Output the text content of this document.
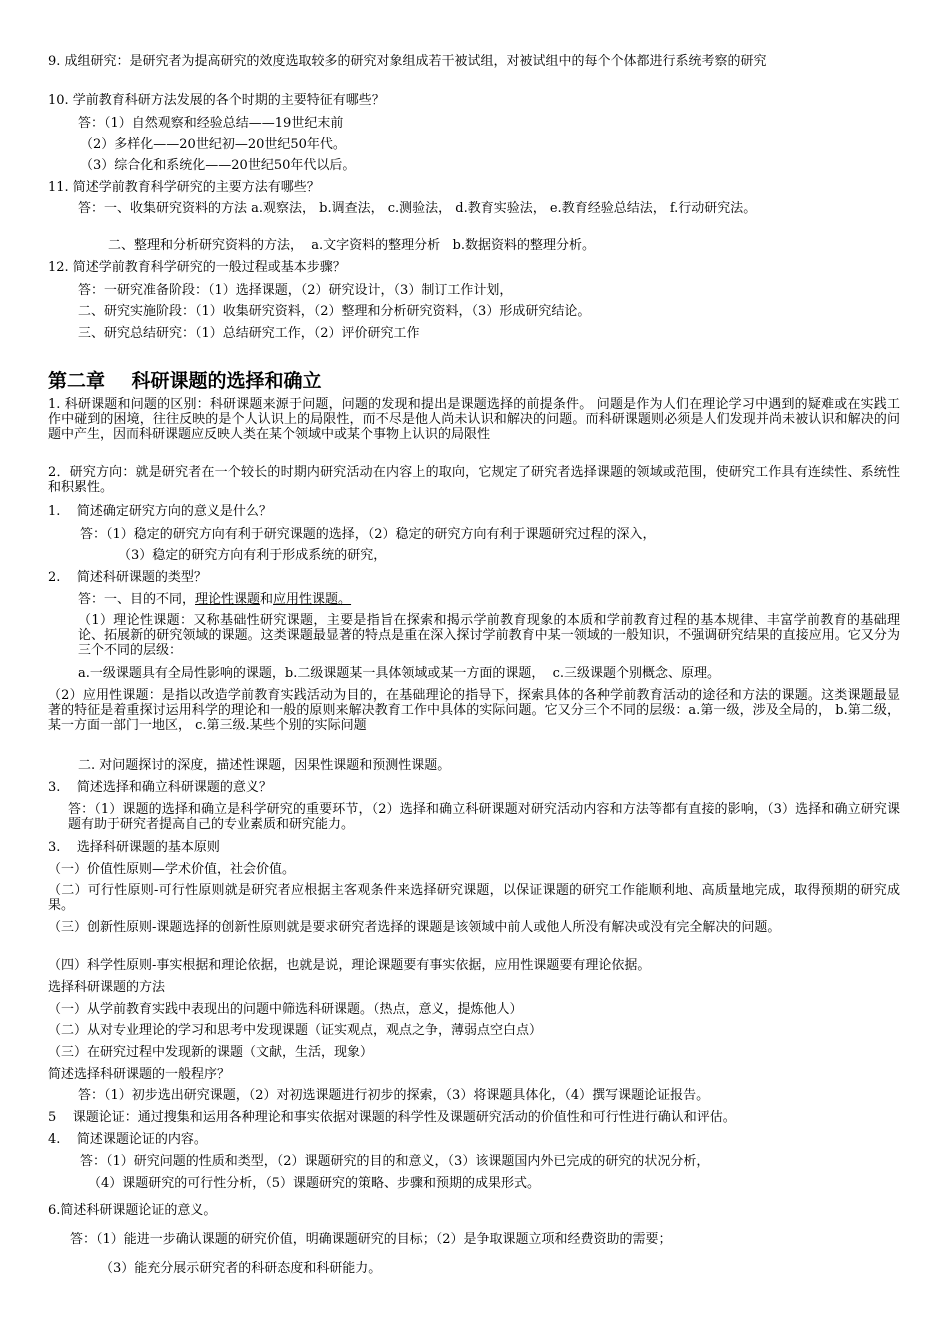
9. 成组研究：是研究者为提高研究的效度选取较多的研究对象组成若干被试组，对被试组中的每个个体都进行系统考察的研究
10. 学前教育科研方法发展的各个时期的主要特征有哪些？
答：（1）自然观察和经验总结——19世纪末前
（2）多样化——20世纪初—20世纪50年代。
（3）综合化和系统化——20世纪50年代以后。
11. 简述学前教育科学研究的主要方法有哪些？
答：一、收集研究资料的方法 a.观察法， b.调查法， c.测验法， d.教育实验法， e.教育经验总结法， f.行动研究法。
二、整理和分析研究资料的方法，  a.文字资料的整理分析   b.数据资料的整理分析。
12. 简述学前教育科学研究的一般过程或基本步骤？
答：一研究准备阶段：（1）选择课题，（2）研究设计，（3）制订工作计划，
二、研究实施阶段：（1）收集研究资料，（2）整理和分析研究资料，（3）形成研究结论。
三、研究总结研究：（1）总结研究工作，（2）评价研究工作
第二章    科研课题的选择和确立
1. 科研课题和问题的区别：科研课题来源于问题，问题的发现和提出是课题选择的前提条件。 问题是作为人们在理论学习中遇到的疑难或在实践工作中碰到的困境，往往反映的是个人认识上的局限性，而不尽是他人尚未认识和解决的问题。而科研课题则必须是人们发现并尚未被认识和解决的问题中产生，因而科研课题应反映人类在某个领域中或某个事物上认识的局限性
2．研究方向：就是研究者在一个较长的时期内研究活动在内容上的取向，它规定了研究者选择课题的领域或范围，使研究工作具有连续性、系统性和积累性。
1.    简述确定研究方向的意义是什么？
答：（1）稳定的研究方向有利于研究课题的选择，（2）稳定的研究方向有利于课题研究过程的深入，
（3）稳定的研究方向有利于形成系统的研究，
2.    简述科研课题的类型？
答：一、目的不同，理论性课题和应用性课题。
（1）理论性课题：又称基础性研究课题，主要是指旨在探索和揭示学前教育现象的本质和学前教育过程的基本规律、丰富学前教育的基础理论、拓展新的研究领域的课题。这类课题最显著的特点是重在深入探讨学前教育中某一领域的一般知识，不强调研究结果的直接应用。它又分为三个不同的层级：
a.一级课题具有全局性影响的课题，b.二级课题某一具体领域或某一方面的课题，  c.三级课题个别概念、原理。
（2）应用性课题：是指以改造学前教育实践活动为目的，在基础理论的指导下，探索具体的各种学前教育活动的途径和方法的课题。这类课题最显著的特征是着重探讨运用科学的理论和一般的原则来解决教育工作中具体的实际问题。它又分三个不同的层级：a.第一级，涉及全局的， b.第二级，某一方面一部门一地区， c.第三级.某些个别的实际问题
二. 对问题探讨的深度，描述性课题，因果性课题和预测性课题。
3.    简述选择和确立科研课题的意义？
答：（1）课题的选择和确立是科学研究的重要环节，（2）选择和确立科研课题对研究活动内容和方法等都有直接的影响，（3）选择和确立研究课题有助于研究者提高自己的专业素质和研究能力。
3.    选择科研课题的基本原则
（一）价值性原则—学术价值，社会价值。
（二）可行性原则-可行性原则就是研究者应根据主客观条件来选择研究课题，以保证课题的研究工作能顺利地、高质量地完成，取得预期的研究成果。
（三）创新性原则-课题选择的创新性原则就是要求研究者选择的课题是该领域中前人或他人所没有解决或没有完全解决的问题。
（四）科学性原则-事实根据和理论依据，也就是说，理论课题要有事实依据，应用性课题要有理论依据。
选择科研课题的方法
（一）从学前教育实践中表现出的问题中筛选科研课题。（热点，意义，提炼他人）
（二）从对专业理论的学习和思考中发现课题（证实观点，观点之争，薄弱点空白点）
（三）在研究过程中发现新的课题（文献，生活，现象）
简述选择科研课题的一般程序？
答：（1）初步选出研究课题，（2）对初选课题进行初步的探索，（3）将课题具体化，（4）撰写课题论证报告。
5    课题论证：通过搜集和运用各种理论和事实依据对课题的科学性及课题研究活动的价值性和可行性进行确认和评估。
4.    简述课题论证的内容。
答：（1）研究问题的性质和类型，（2）课题研究的目的和意义，（3）该课题国内外已完成的研究的状况分析，
（4）课题研究的可行性分析，（5）课题研究的策略、步骤和预期的成果形式。
6.简述科研课题论证的意义。
答：（1）能进一步确认课题的研究价值，明确课题研究的目标；（2）是争取课题立项和经费资助的需要；
（3）能充分展示研究者的科研态度和科研能力。
